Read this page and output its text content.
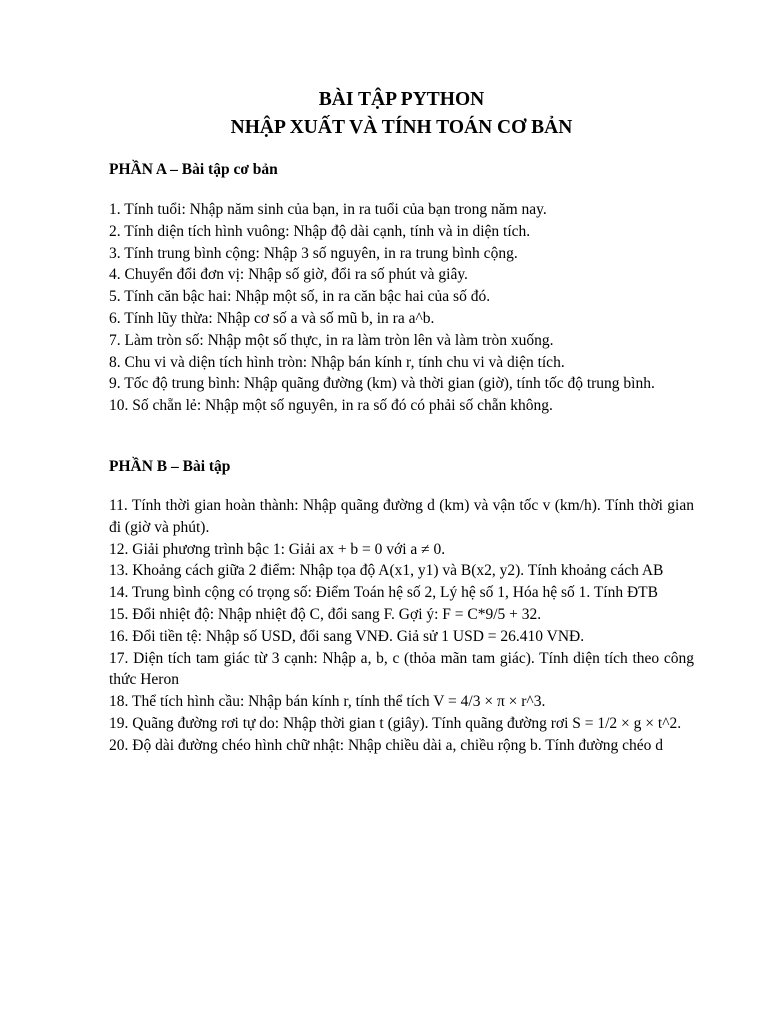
BÀI TẬP PYTHON
NHẬP XUẤT VÀ TÍNH TOÁN CƠ BẢN
PHẦN A – Bài tập cơ bản
1. Tính tuổi: Nhập năm sinh của bạn, in ra tuổi của bạn trong năm nay.
2. Tính diện tích hình vuông: Nhập độ dài cạnh, tính và in diện tích.
3. Tính trung bình cộng: Nhập 3 số nguyên, in ra trung bình cộng.
4. Chuyển đổi đơn vị: Nhập số giờ, đổi ra số phút và giây.
5. Tính căn bậc hai: Nhập một số, in ra căn bậc hai của số đó.
6. Tính lũy thừa: Nhập cơ số a và số mũ b, in ra a^b.
7. Làm tròn số: Nhập một số thực, in ra làm tròn lên và làm tròn xuống.
8. Chu vi và diện tích hình tròn: Nhập bán kính r, tính chu vi và diện tích.
9. Tốc độ trung bình: Nhập quãng đường (km) và thời gian (giờ), tính tốc độ trung bình.
10. Số chẵn lẻ: Nhập một số nguyên, in ra số đó có phải số chẵn không.
PHẦN B – Bài tập
11. Tính thời gian hoàn thành: Nhập quãng đường d (km) và vận tốc v (km/h). Tính thời gian đi (giờ và phút).
12. Giải phương trình bậc 1: Giải ax + b = 0 với a ≠ 0.
13. Khoảng cách giữa 2 điểm: Nhập tọa độ A(x1, y1) và B(x2, y2). Tính khoảng cách AB
14. Trung bình cộng có trọng số: Điểm Toán hệ số 2, Lý hệ số 1, Hóa hệ số 1. Tính ĐTB
15. Đổi nhiệt độ: Nhập nhiệt độ C, đổi sang F. Gợi ý: F = C*9/5 + 32.
16. Đổi tiền tệ: Nhập số USD, đổi sang VNĐ. Giả sử 1 USD = 26.410 VNĐ.
17. Diện tích tam giác từ 3 cạnh: Nhập a, b, c (thỏa mãn tam giác). Tính diện tích theo công thức Heron
18. Thể tích hình cầu: Nhập bán kính r, tính thể tích V = 4/3 × π × r^3.
19. Quãng đường rơi tự do: Nhập thời gian t (giây). Tính quãng đường rơi S = 1/2 × g × t^2.
20. Độ dài đường chéo hình chữ nhật: Nhập chiều dài a, chiều rộng b. Tính đường chéo d
